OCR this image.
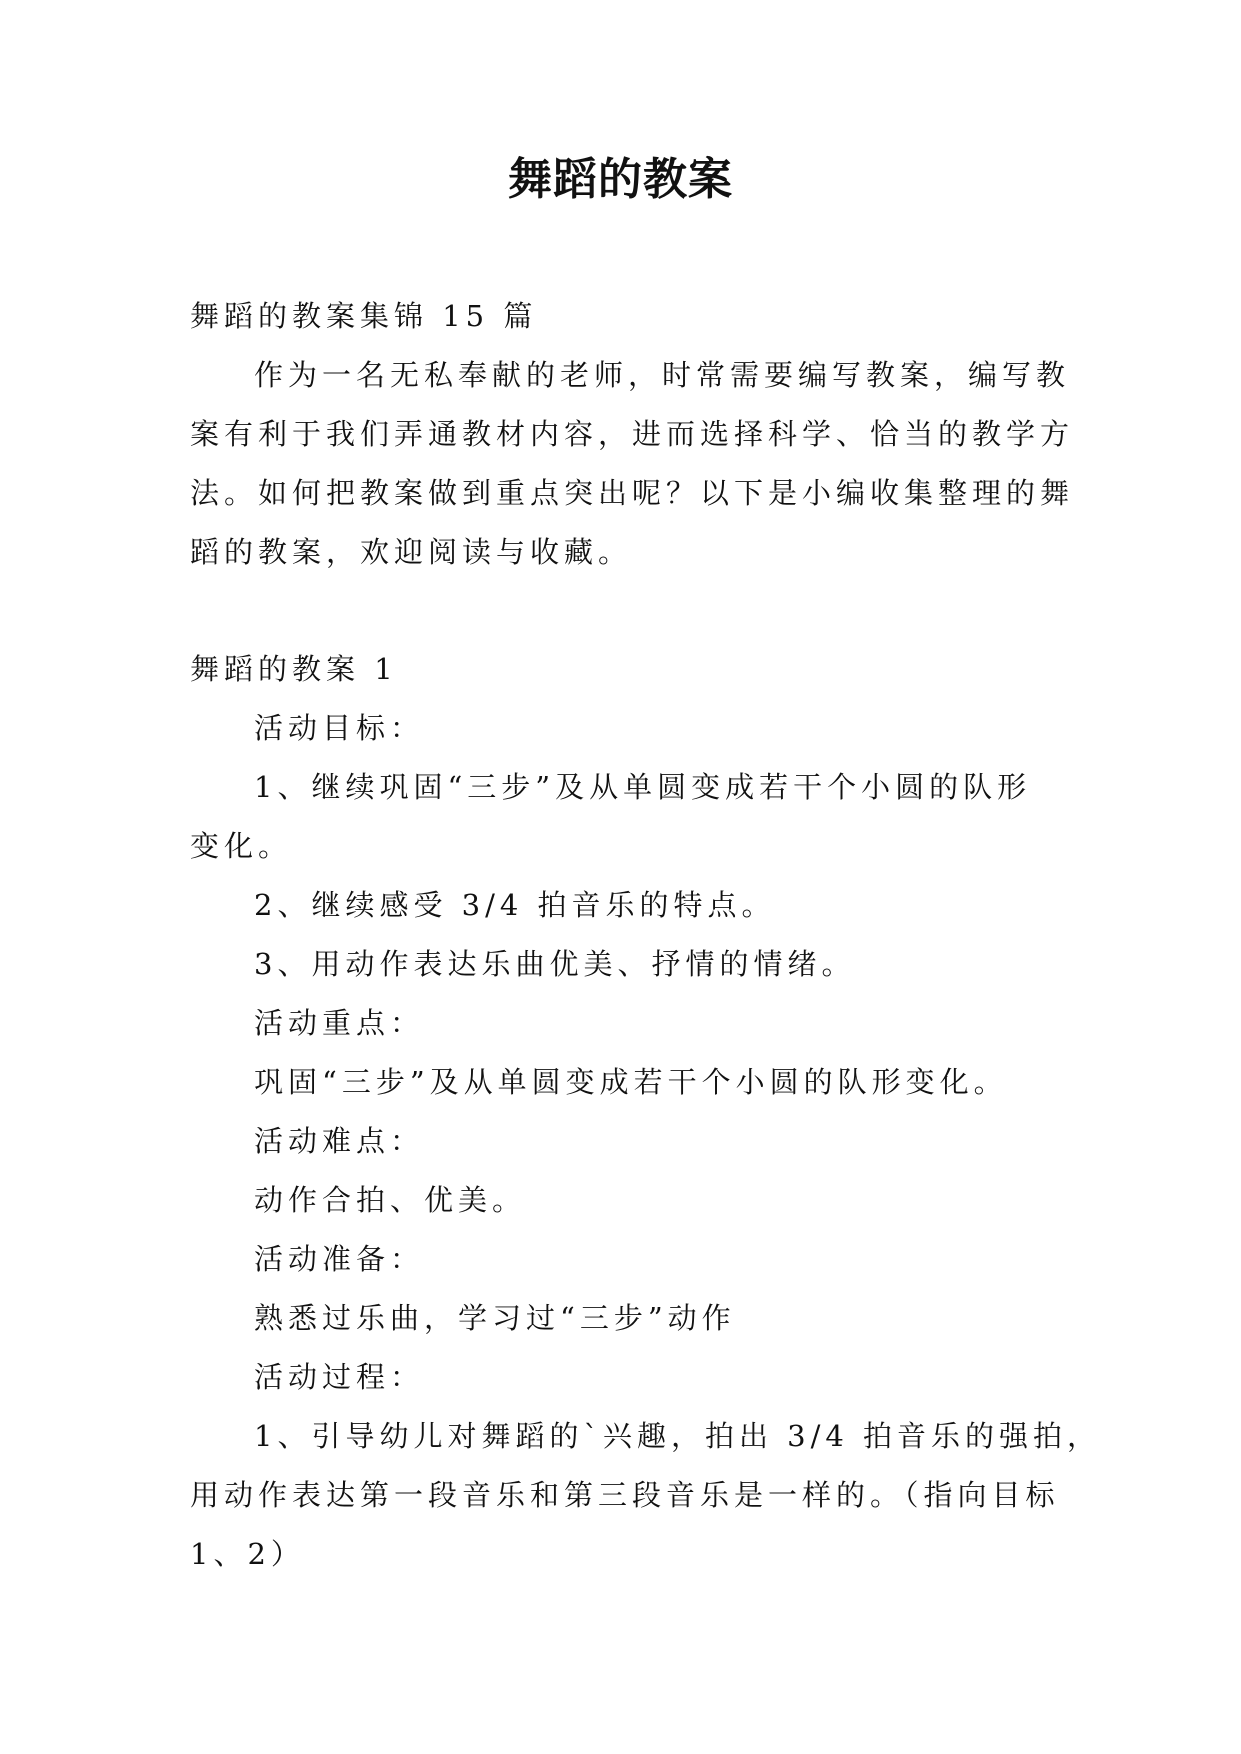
舞蹈的教案
舞蹈的教案集锦 15 篇
作为一名无私奉献的老师，时常需要编写教案，编写教
案有利于我们弄通教材内容，进而选择科学、恰当的教学方
法。如何把教案做到重点突出呢？以下是小编收集整理的舞
蹈的教案，欢迎阅读与收藏。
舞蹈的教案 1
活动目标：
1、继续巩固“三步”及从单圆变成若干个小圆的队形
变化。
2、继续感受 3/4 拍音乐的特点。
3、用动作表达乐曲优美、抒情的情绪。
活动重点：
巩固“三步”及从单圆变成若干个小圆的队形变化。
活动难点：
动作合拍、优美。
活动准备：
熟悉过乐曲，学习过“三步”动作
活动过程：
1、引导幼儿对舞蹈的`兴趣，拍出 3/4 拍音乐的强拍，
用动作表达第一段音乐和第三段音乐是一样的。（指向目标
1、2）
